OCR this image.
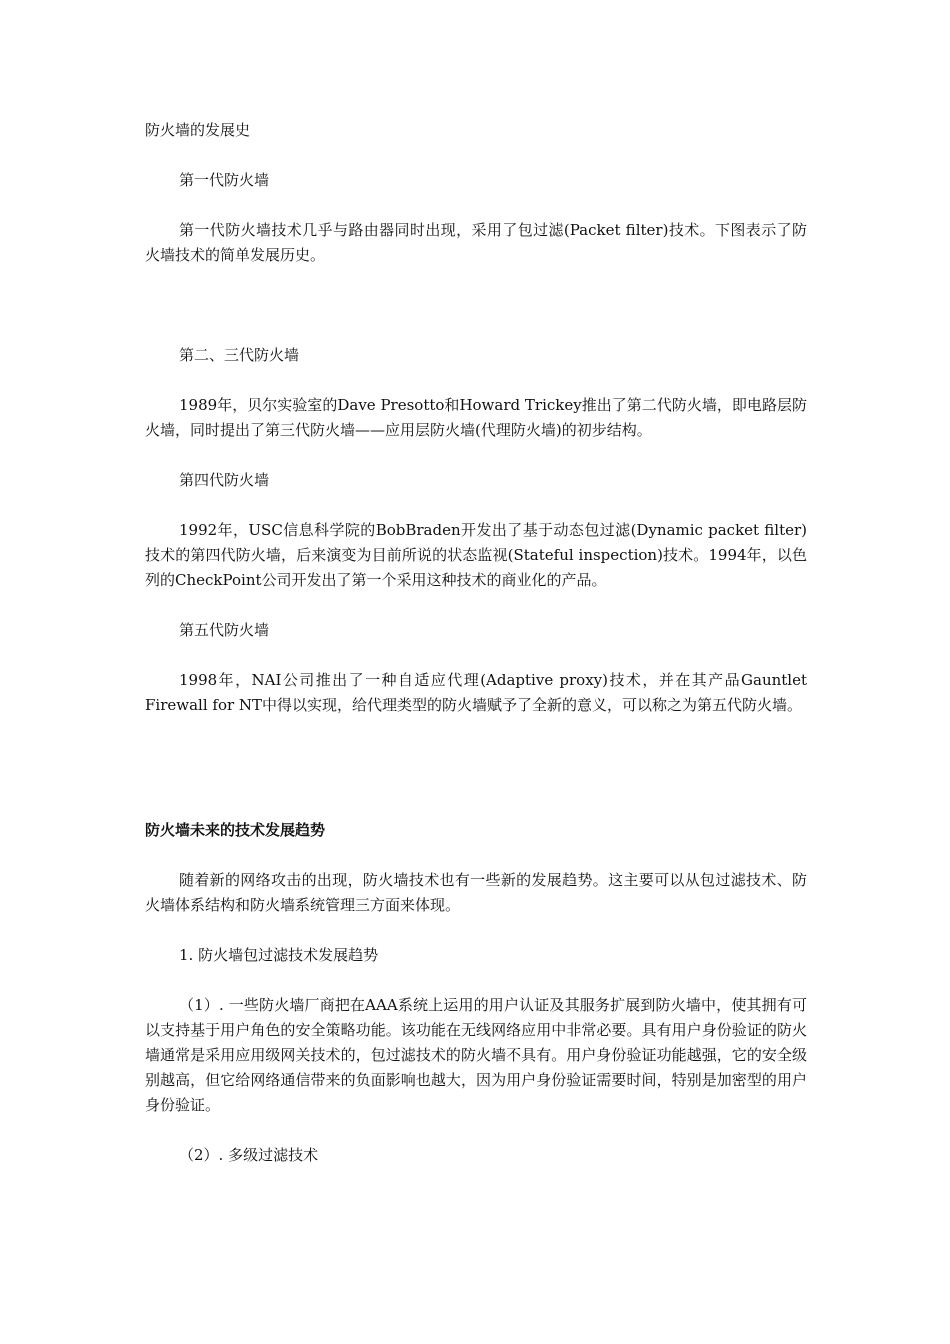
防火墙的发展史

第一代防火墙

第一代防火墙技术几乎与路由器同时出现，采用了包过滤(Packet filter)技术。下图表示了防火墙技术的简单发展历史。

第二、三代防火墙

1989年，贝尔实验室的Dave Presotto和Howard Trickey推出了第二代防火墙，即电路层防火墙，同时提出了第三代防火墙——应用层防火墙(代理防火墙)的初步结构。

第四代防火墙

1992年，USC信息科学院的BobBraden开发出了基于动态包过滤(Dynamic packet filter)技术的第四代防火墙，后来演变为目前所说的状态监视(Stateful inspection)技术。1994年，以色列的CheckPoint公司开发出了第一个采用这种技术的商业化的产品。

第五代防火墙

1998年，NAI公司推出了一种自适应代理(Adaptive proxy)技术，并在其产品Gauntlet Firewall for NT中得以实现，给代理类型的防火墙赋予了全新的意义，可以称之为第五代防火墙。

防火墙未来的技术发展趋势

随着新的网络攻击的出现，防火墙技术也有一些新的发展趋势。这主要可以从包过滤技术、防火墙体系结构和防火墙系统管理三方面来体现。

1. 防火墙包过滤技术发展趋势

（1）. 一些防火墙厂商把在AAA系统上运用的用户认证及其服务扩展到防火墙中，使其拥有可以支持基于用户角色的安全策略功能。该功能在无线网络应用中非常必要。具有用户身份验证的防火墙通常是采用应用级网关技术的，包过滤技术的防火墙不具有。用户身份验证功能越强，它的安全级别越高，但它给网络通信带来的负面影响也越大，因为用户身份验证需要时间，特别是加密型的用户身份验证。

（2）. 多级过滤技术
